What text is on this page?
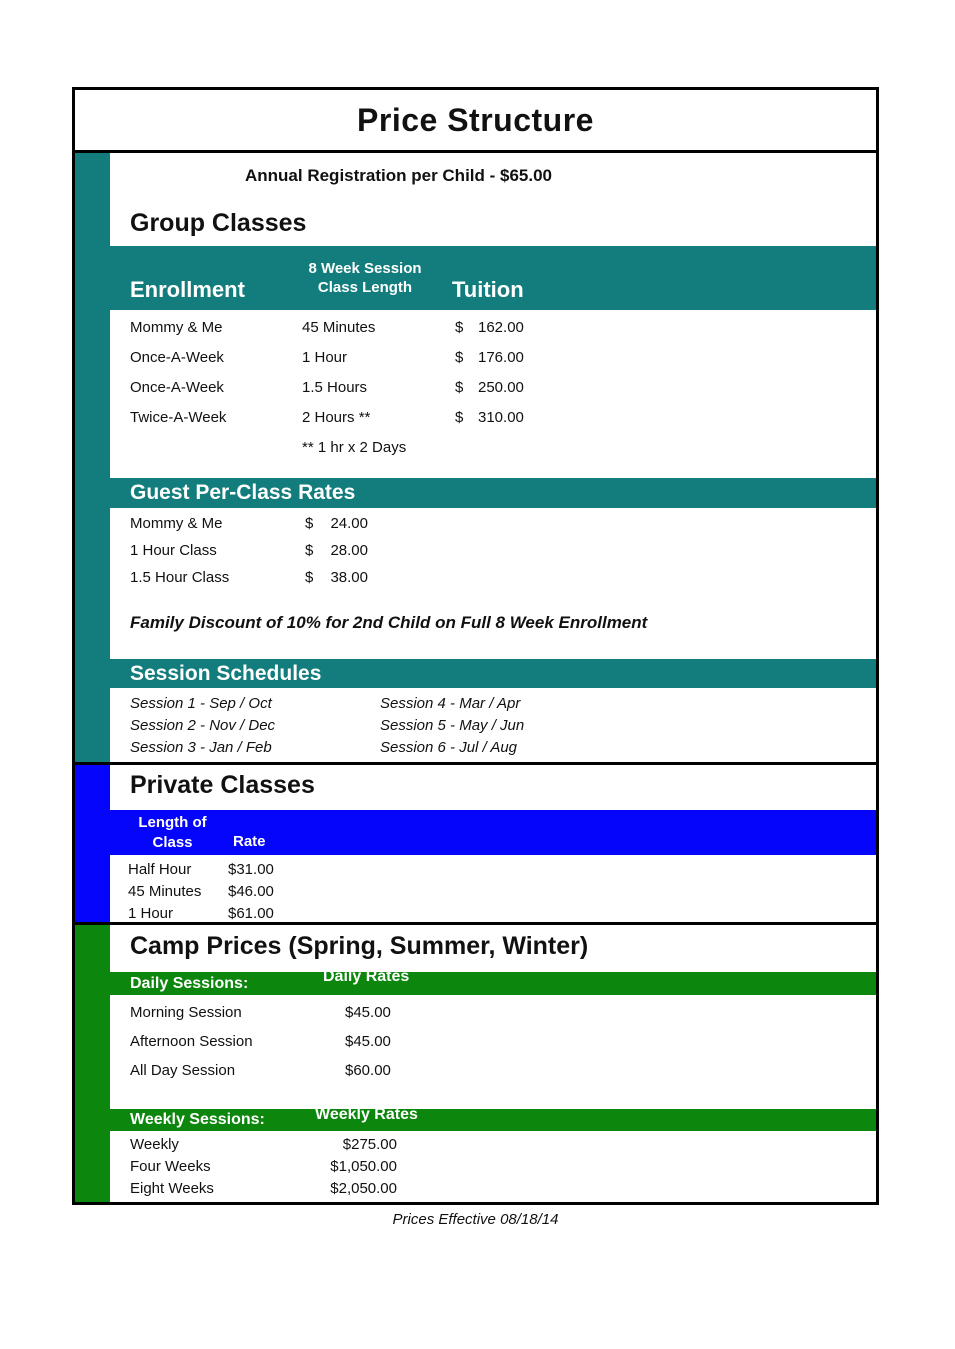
Price Structure
Annual Registration per Child - $65.00
Group Classes
Enrollment
8 Week Session
Class Length	Tuition
Mommy & Me	45 Minutes	$ 162.00
Once-A-Week	1 Hour	$ 176.00
Once-A-Week	1.5 Hours	$ 250.00
Twice-A-Week	2 Hours **	$ 310.00
** 1 hr x 2 Days
Guest Per-Class Rates
Mommy & Me	$	24.00
1 Hour Class	$	28.00
1.5 Hour Class	$	38.00
Family Discount of 10% for 2nd Child on Full 8 Week Enrollment
Session Schedules
Session 1 - Sep / Oct	Session 4 - Mar / Apr
Session 2 - Nov / Dec	Session 5 - May / Jun
Session 3 - Jan / Feb	Session 6 - Jul / Aug
Private Classes
Length of
Class	Rate
Half Hour	$31.00
45 Minutes	$46.00
1 Hour	$61.00
Camp Prices (Spring, Summer, Winter)
Daily Sessions:	Daily Rates
Morning Session	$45.00
Afternoon Session	$45.00
All Day Session	$60.00
Weekly Sessions:	Weekly Rates
Weekly	$275.00
Four Weeks	$1,050.00
Eight Weeks	$2,050.00
Prices Effective 08/18/14
